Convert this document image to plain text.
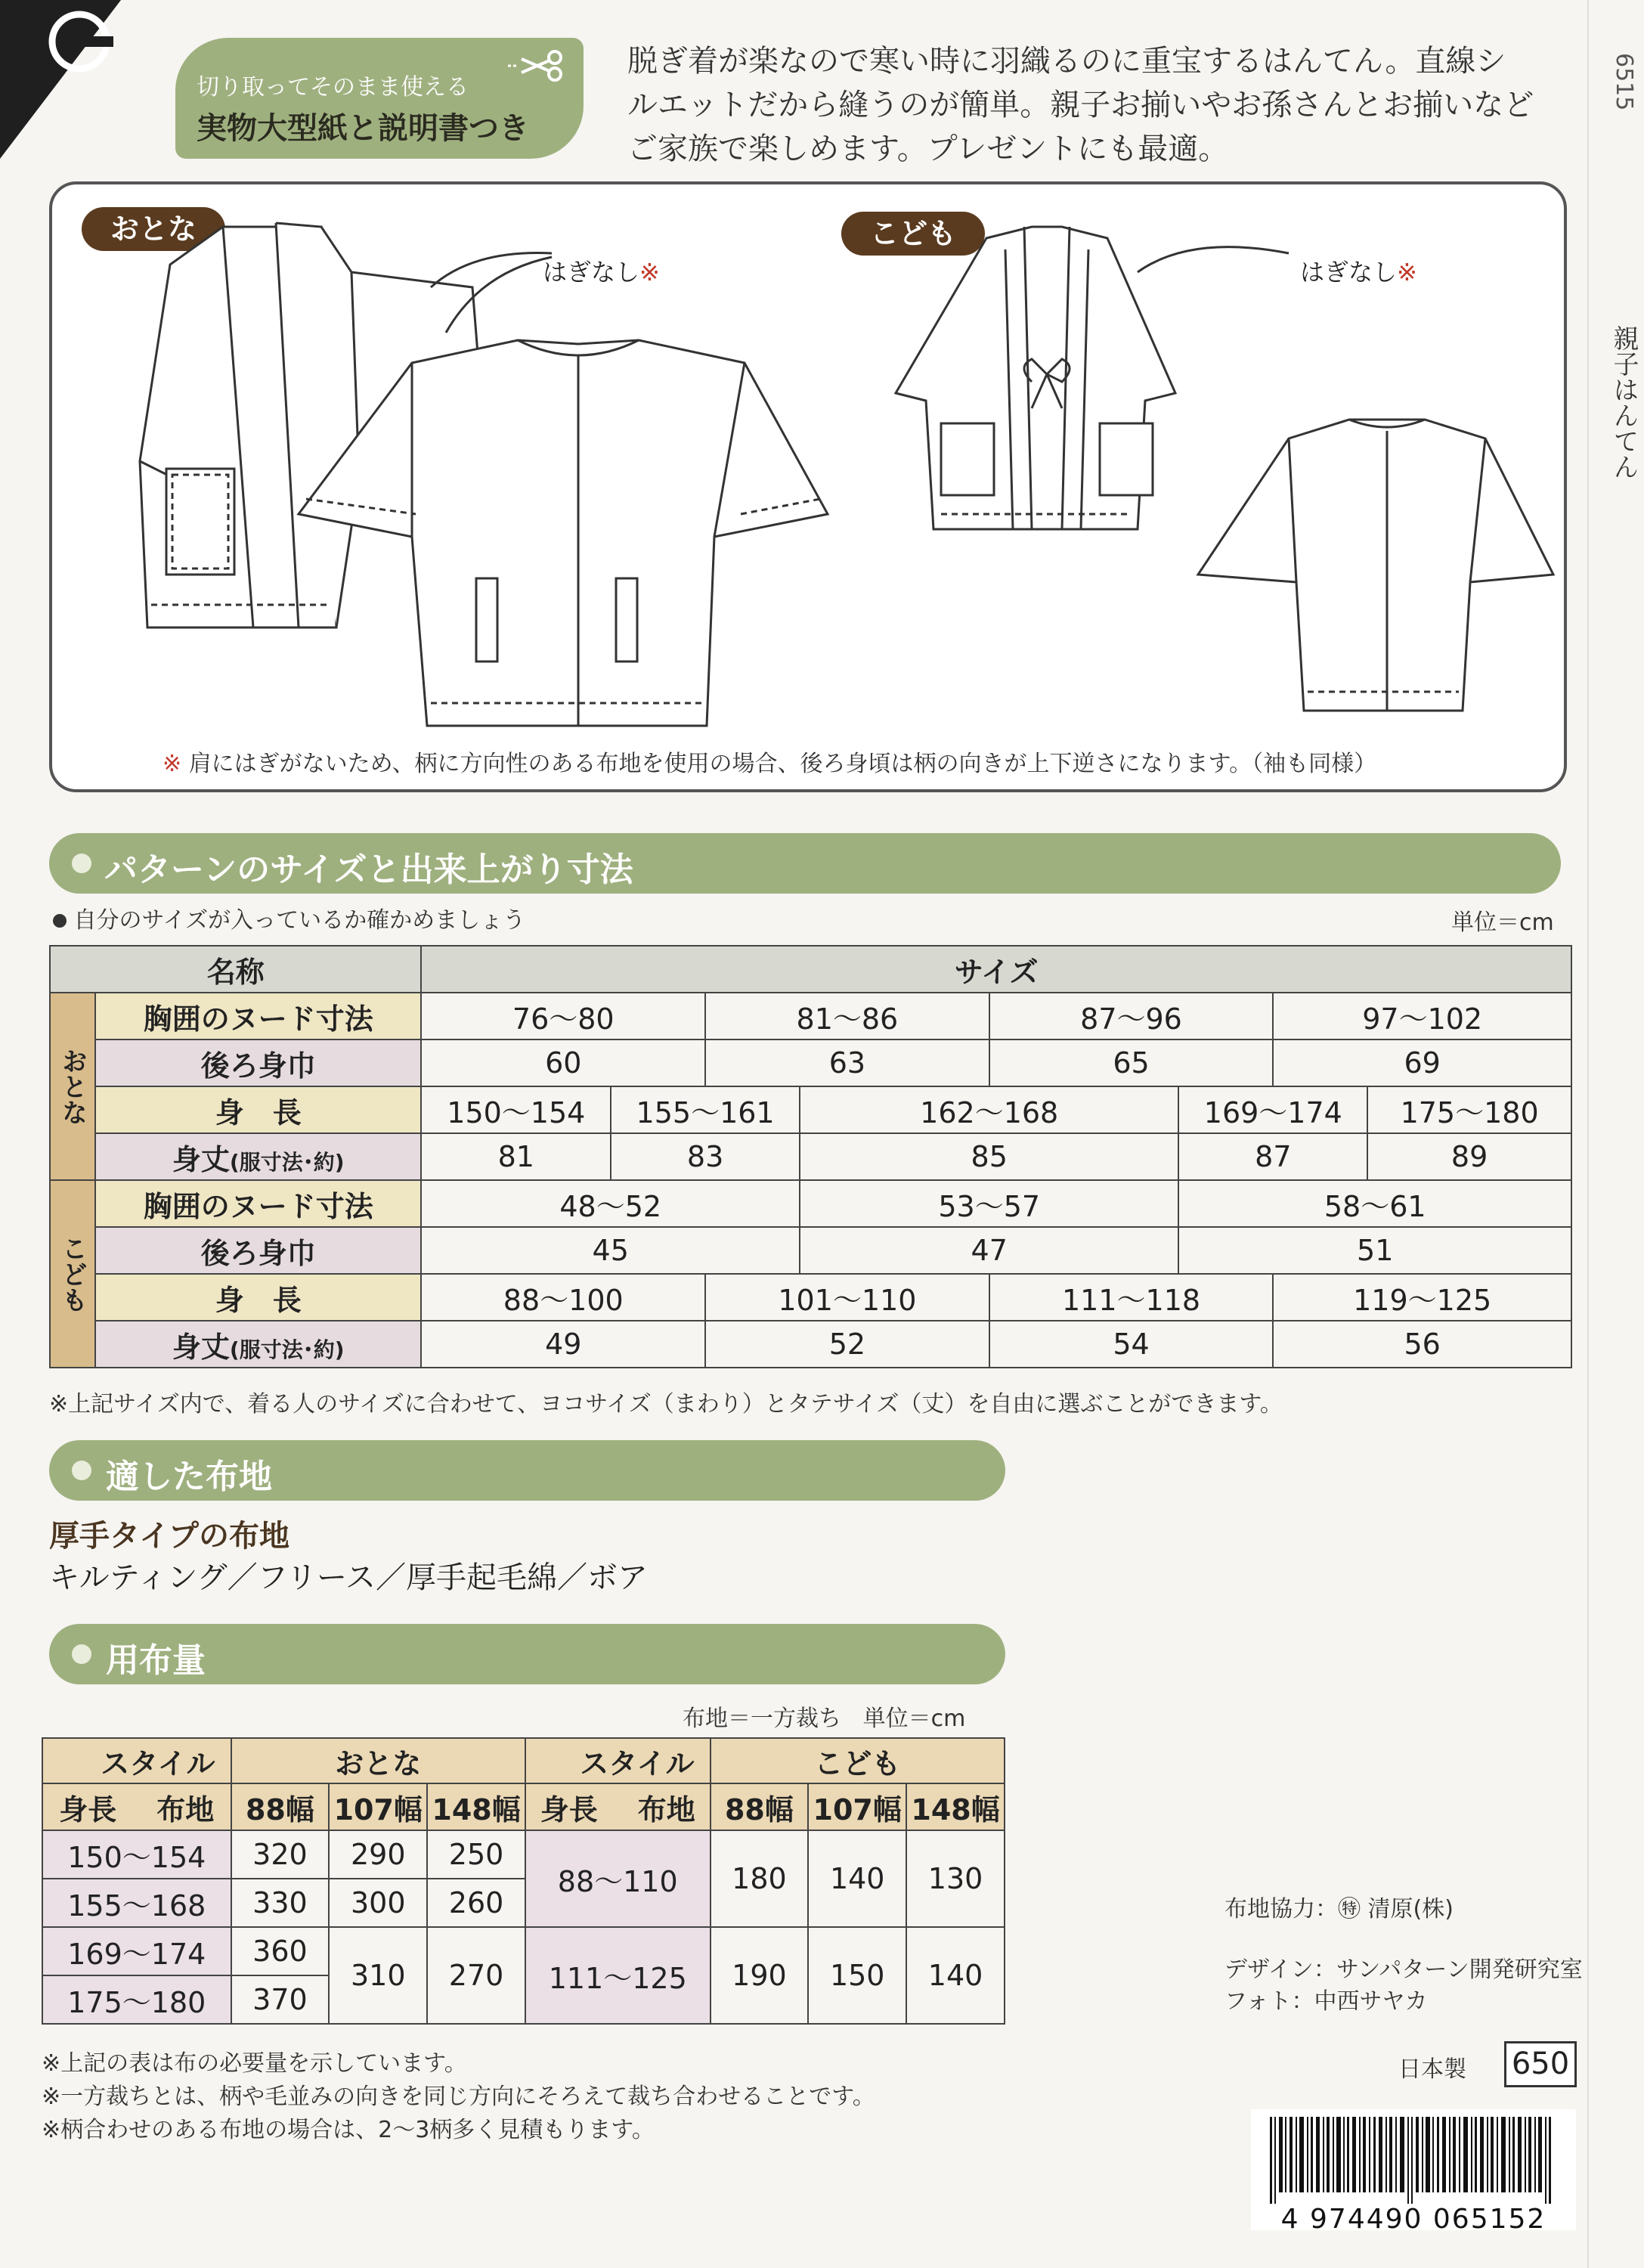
切り取ってそのまま使える
実物大型紙と説明書つき
脱ぎ着が楽なので寒い時に羽織るのに重宝するはんてん。直線シ
ルエットだから縫うのが簡単。親子お揃いやお孫さんとお揃いなど
ご家族で楽しめます。プレゼントにも最適。
6515
親子はんてん
おとな	こども
はぎなし※	はぎなし※
※ 肩にはぎがないため、柄に方向性のある布地を使用の場合、後ろ身頃は柄の向きが上下逆さになります。（袖も同様）
パターンのサイズと出来上がり寸法
自分のサイズが入っているか確かめましょう	単位＝cm
名称		サイズ							

おとな	胸囲のヌード寸法	76〜80		81〜86		87〜96		97〜102	
	後ろ身巾	60		63		65		69	
	身　長	150〜154	155〜161		162〜168		169〜174		175〜180
	身丈(服寸法･約)	81	83		85		87		89

こども	胸囲のヌード寸法	48〜52			53〜57		58〜61		
	後ろ身巾	45			47		51		
	身　長	88〜100		101〜110		111〜118		119〜125	
	身丈(服寸法･約)	49		52		54		56	
※上記サイズ内で、着る人のサイズに合わせて、ヨコサイズ（まわり）とタテサイズ（丈）を自由に選ぶことができます。
適した布地
厚手タイプの布地
キルティング／フリース／厚手起毛綿／ボア
用布量
布地＝一方裁ち 単位＝cm
スタイル	おとな			スタイル	こども		
身長 布地	88幅	107幅	148幅	身長 布地	88幅	107幅	148幅
150〜154	320	290	250	88〜110	180	140	130
155〜168	330	300	260				
169〜174	360	310	270	111〜125	190	150	140
175〜180	370						
※上記の表は布の必要量を示しています。
※一方裁ちとは、柄や毛並みの向きを同じ方向にそろえて裁ち合わせることです。
※柄合わせのある布地の場合は、2〜3柄多く見積もります。
布地協力：㊕ 清原(株)
デザイン：サンパターン開発研究室
フォト：中西サヤカ
日本製 650
4 974490 065152
